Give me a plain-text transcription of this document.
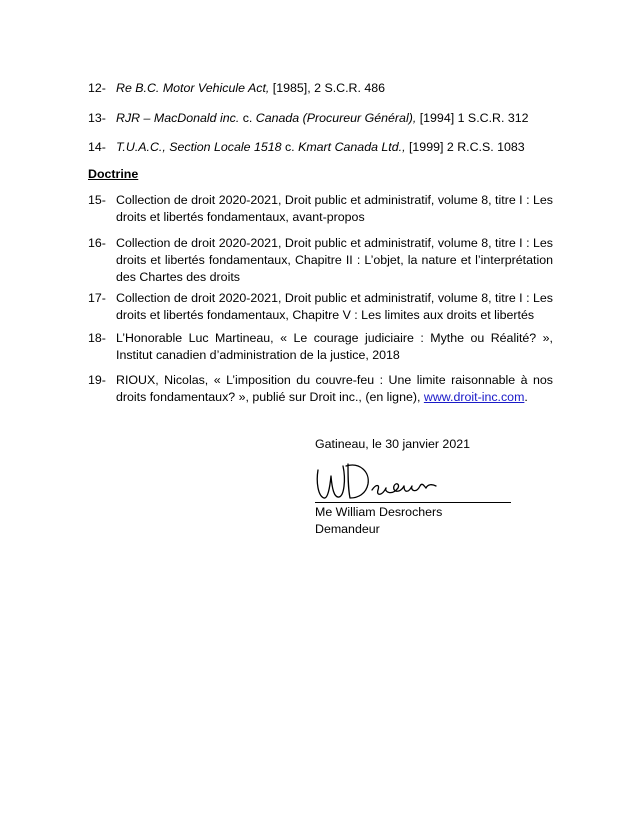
12- Re B.C. Motor Vehicule Act, [1985], 2 S.C.R. 486
13- RJR – MacDonald inc. c. Canada (Procureur Général), [1994] 1 S.C.R. 312
14- T.U.A.C., Section Locale 1518 c. Kmart Canada Ltd., [1999] 2 R.C.S. 1083
Doctrine
15- Collection de droit 2020-2021, Droit public et administratif, volume 8, titre I : Les droits et libertés fondamentaux, avant-propos
16- Collection de droit 2020-2021, Droit public et administratif, volume 8, titre I : Les droits et libertés fondamentaux, Chapitre II : L’objet, la nature et l’interprétation des Chartes des droits
17- Collection de droit 2020-2021, Droit public et administratif, volume 8, titre I : Les droits et libertés fondamentaux, Chapitre V : Les limites aux droits et libertés
18- L’Honorable Luc Martineau, « Le courage judiciaire : Mythe ou Réalité? », Institut canadien d’administration de la justice, 2018
19- RIOUX, Nicolas, « L’imposition du couvre-feu : Une limite raisonnable à nos droits fondamentaux? », publié sur Droit inc., (en ligne), www.droit-inc.com.
Gatineau, le 30 janvier 2021
Me William Desrochers
Demandeur
